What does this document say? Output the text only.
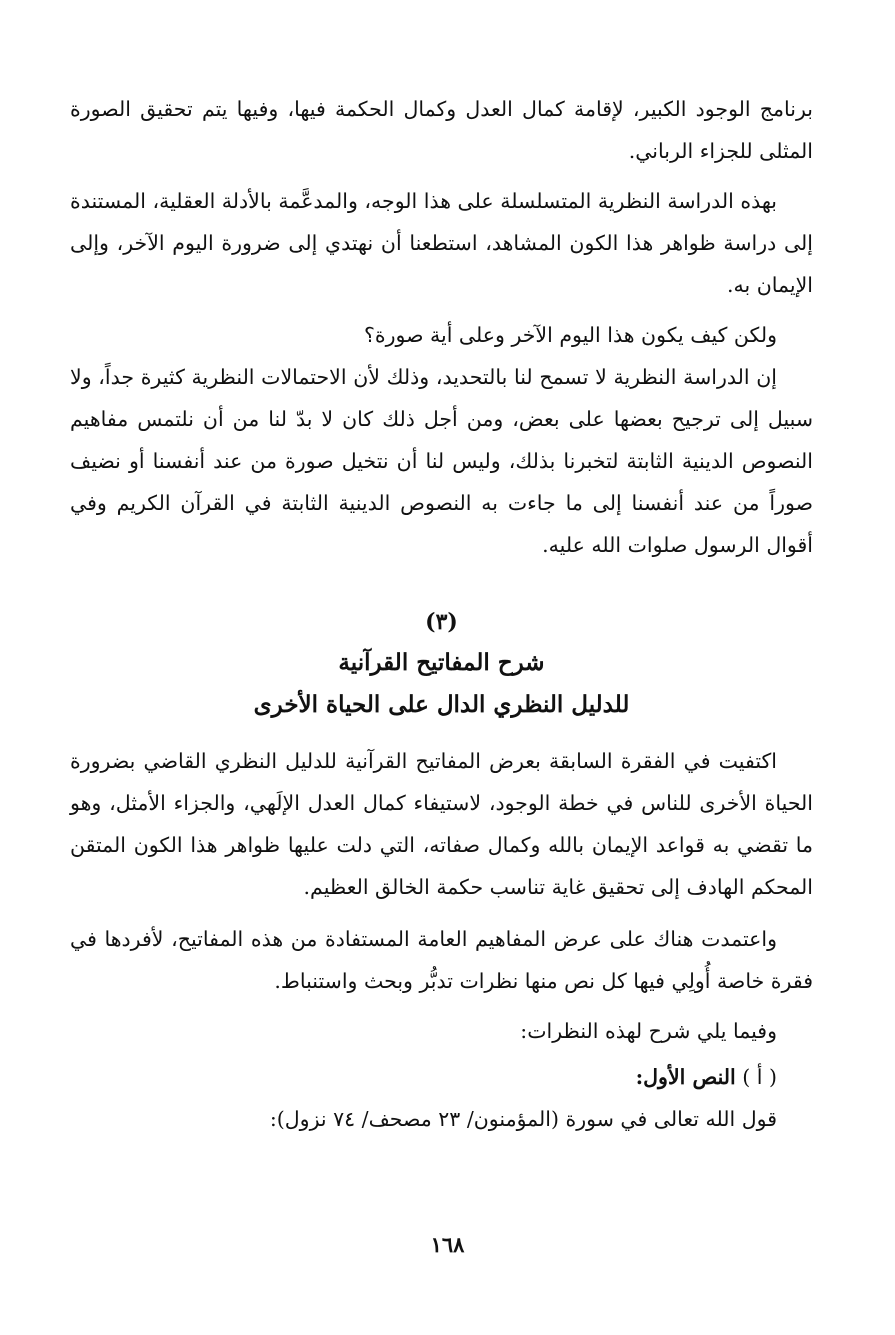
برنامج الوجود الكبير، لإقامة كمال العدل وكمال الحكمة فيها، وفيها يتم تحقيق الصورة المثلى للجزاء الرباني.

بهذه الدراسة النظرية المتسلسلة على هذا الوجه، والمدعَّمة بالأدلة العقلية، المستندة إلى دراسة ظواهر هذا الكون المشاهد، استطعنا أن نهتدي إلى ضرورة اليوم الآخر، وإلى الإيمان به.

ولكن كيف يكون هذا اليوم الآخر وعلى أية صورة؟

إن الدراسة النظرية لا تسمح لنا بالتحديد، وذلك لأن الاحتمالات النظرية كثيرة جداً، ولا سبيل إلى ترجيح بعضها على بعض، ومن أجل ذلك كان لا بدّ لنا من أن نلتمس مفاهيم النصوص الدينية الثابتة لتخبرنا بذلك، وليس لنا أن نتخيل صورة من عند أنفسنا أو نضيف صوراً من عند أنفسنا إلى ما جاءت به النصوص الدينية الثابتة في القرآن الكريم وفي أقوال الرسول صلوات الله عليه.

(٣)
شرح المفاتيح القرآنية
للدليل النظري الدال على الحياة الأخرى

اكتفيت في الفقرة السابقة بعرض المفاتيح القرآنية للدليل النظري القاضي بضرورة الحياة الأخرى للناس في خطة الوجود، لاستيفاء كمال العدل الإلَهي، والجزاء الأمثل، وهو ما تقضي به قواعد الإيمان بالله وكمال صفاته، التي دلت عليها ظواهر هذا الكون المتقن المحكم الهادف إلى تحقيق غاية تناسب حكمة الخالق العظيم.

واعتمدت هناك على عرض المفاهيم العامة المستفادة من هذه المفاتيح، لأفردها في فقرة خاصة أُولِي فيها كل نص منها نظرات تدبُّر وبحث واستنباط.

وفيما يلي شرح لهذه النظرات:

( أ ) النص الأول:

قول الله تعالى في سورة (المؤمنون/ ٢٣ مصحف/ ٧٤ نزول):

١٦٨
